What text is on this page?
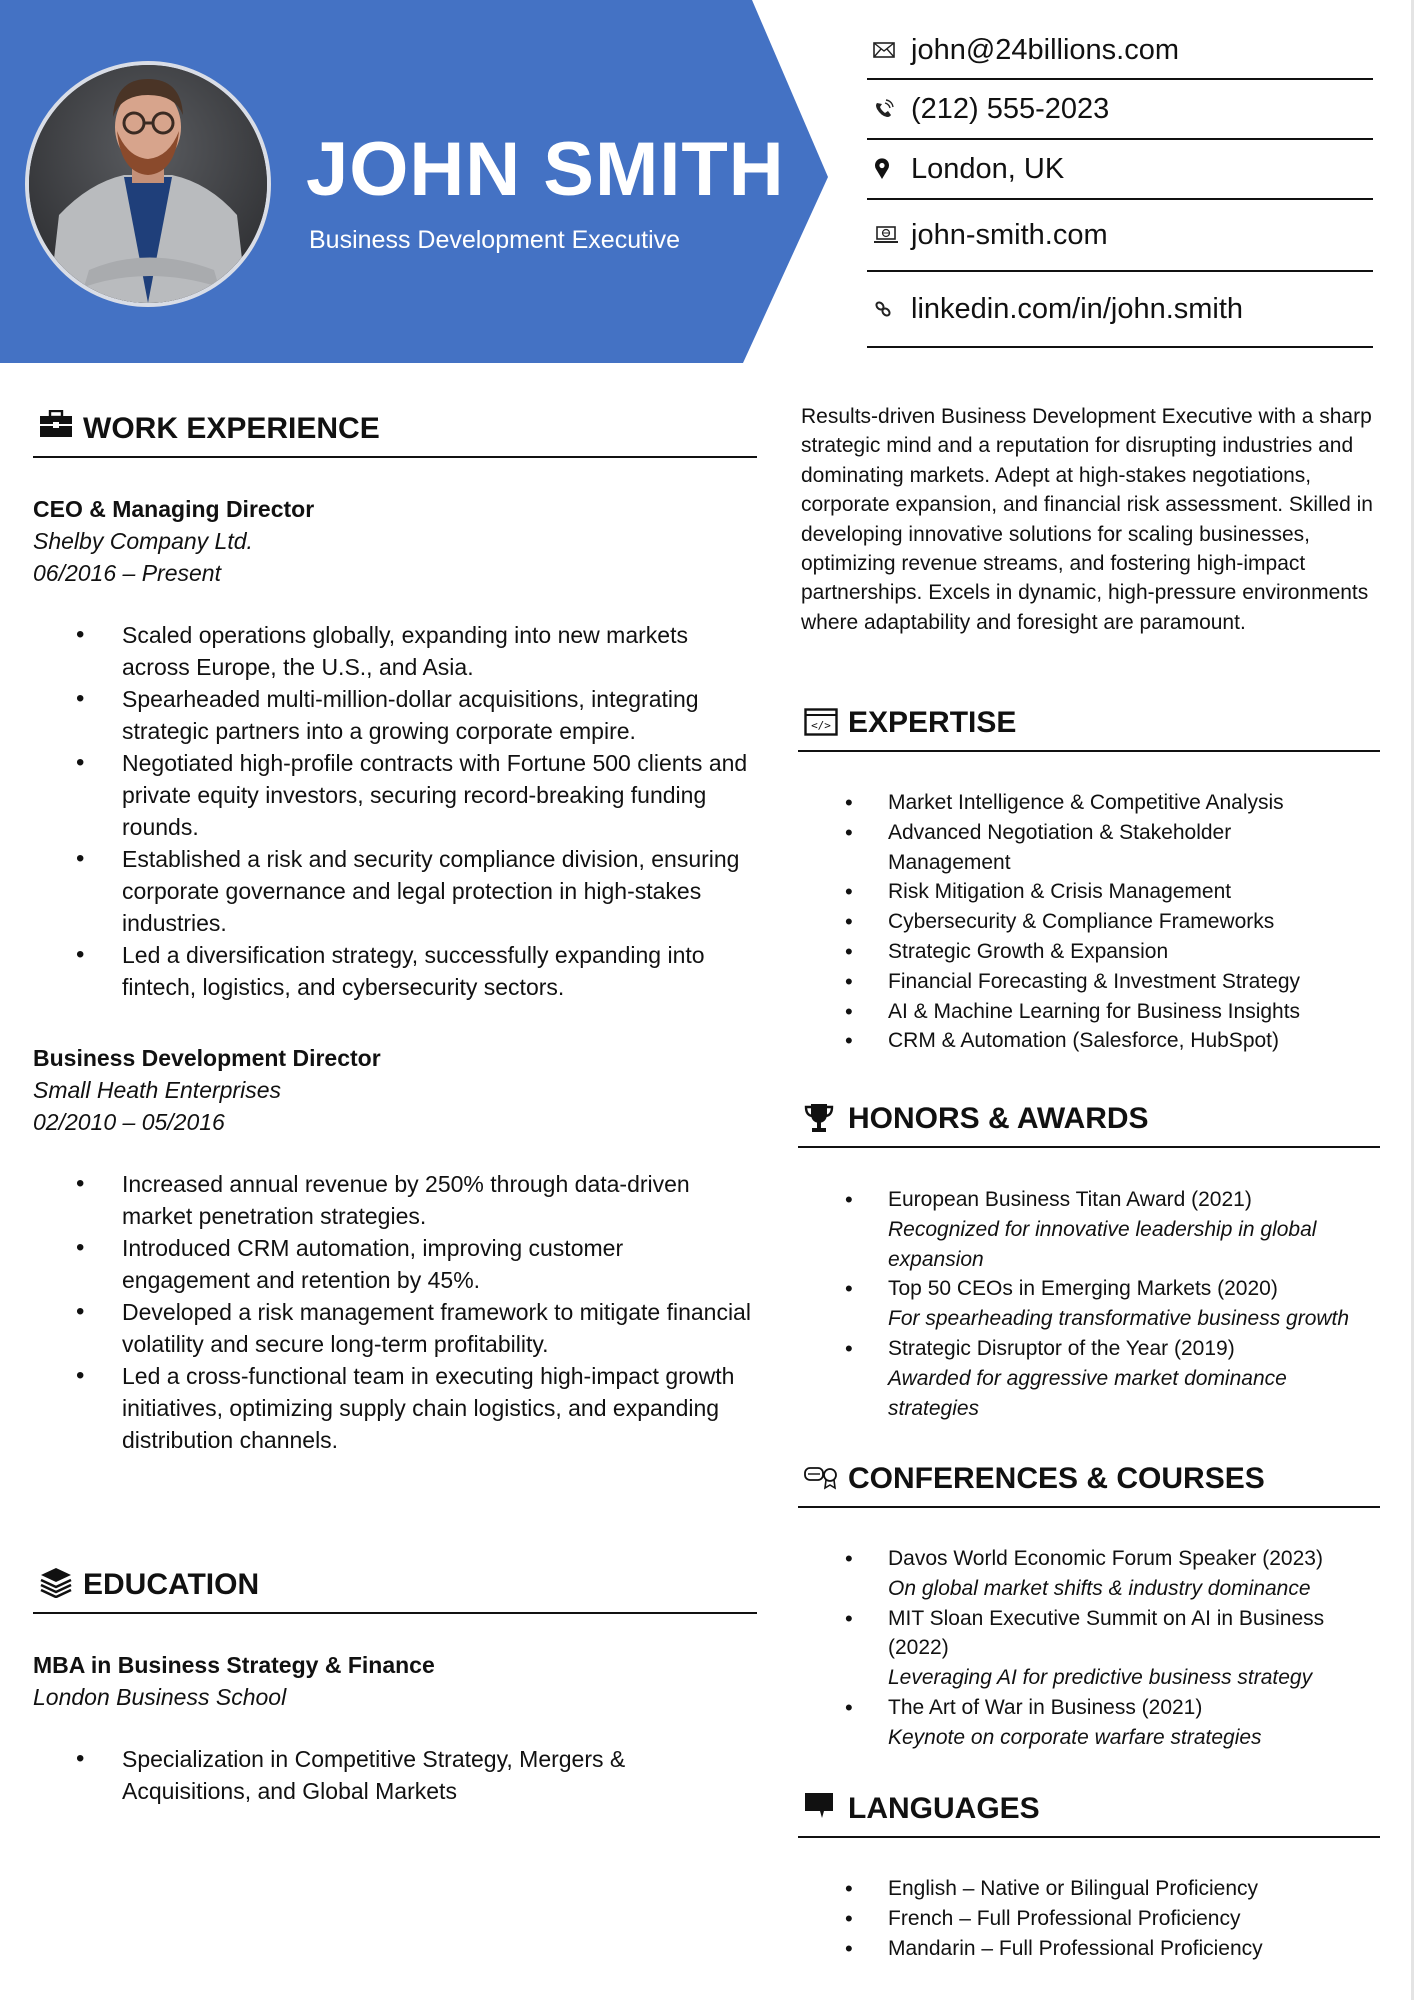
JOHN SMITH
Business Development Executive
john@24billions.com
(212) 555-2023
London, UK
john-smith.com
linkedin.com/in/john.smith
WORK EXPERIENCE
CEO & Managing Director
Shelby Company Ltd.
06/2016 – Present
• Scaled operations globally, expanding into new markets across Europe, the U.S., and Asia.
• Spearheaded multi-million-dollar acquisitions, integrating strategic partners into a growing corporate empire.
• Negotiated high-profile contracts with Fortune 500 clients and private equity investors, securing record-breaking funding rounds.
• Established a risk and security compliance division, ensuring corporate governance and legal protection in high-stakes industries.
• Led a diversification strategy, successfully expanding into fintech, logistics, and cybersecurity sectors.
Business Development Director
Small Heath Enterprises
02/2010 – 05/2016
• Increased annual revenue by 250% through data-driven market penetration strategies.
• Introduced CRM automation, improving customer engagement and retention by 45%.
• Developed a risk management framework to mitigate financial volatility and secure long-term profitability.
• Led a cross-functional team in executing high-impact growth initiatives, optimizing supply chain logistics, and expanding distribution channels.
EDUCATION
MBA in Business Strategy & Finance
London Business School
• Specialization in Competitive Strategy, Mergers & Acquisitions, and Global Markets
Results-driven Business Development Executive with a sharp strategic mind and a reputation for disrupting industries and dominating markets. Adept at high-stakes negotiations, corporate expansion, and financial risk assessment. Skilled in developing innovative solutions for scaling businesses, optimizing revenue streams, and fostering high-impact partnerships. Excels in dynamic, high-pressure environments where adaptability and foresight are paramount.
</> EXPERTISE
• Market Intelligence & Competitive Analysis
• Advanced Negotiation & Stakeholder Management
• Risk Mitigation & Crisis Management
• Cybersecurity & Compliance Frameworks
• Strategic Growth & Expansion
• Financial Forecasting & Investment Strategy
• AI & Machine Learning for Business Insights
• CRM & Automation (Salesforce, HubSpot)
HONORS & AWARDS
• European Business Titan Award (2021)
Recognized for innovative leadership in global expansion
• Top 50 CEOs in Emerging Markets (2020)
For spearheading transformative business growth
• Strategic Disruptor of the Year (2019)
Awarded for aggressive market dominance strategies
CONFERENCES & COURSES
• Davos World Economic Forum Speaker (2023)
On global market shifts & industry dominance
• MIT Sloan Executive Summit on AI in Business (2022)
Leveraging AI for predictive business strategy
• The Art of War in Business (2021)
Keynote on corporate warfare strategies
LANGUAGES
• English – Native or Bilingual Proficiency
• French – Full Professional Proficiency
• Mandarin – Full Professional Proficiency
